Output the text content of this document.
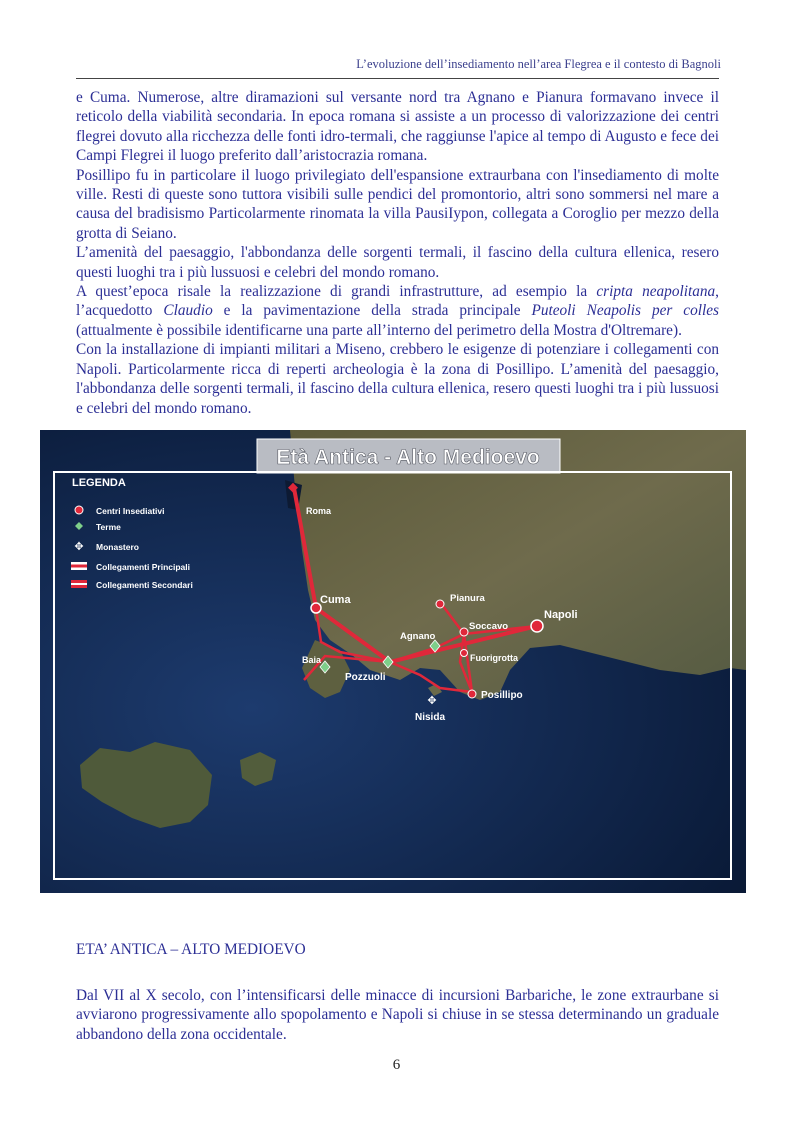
L’evoluzione dell’insediamento nell’area Flegrea e il contesto di Bagnoli

e Cuma. Numerose, altre diramazioni sul versante nord tra Agnano e Pianura formavano invece il reticolo della viabilità secondaria. In epoca romana si assiste a un processo di valorizzazione dei centri flegrei dovuto alla ricchezza delle fonti idro-termali, che raggiunse l'apice al tempo di Augusto e fece dei Campi Flegrei il luogo preferito dall’aristocrazia romana.

Posillipo fu in particolare il luogo privilegiato dell'espansione extraurbana con l'insediamento di molte ville. Resti di queste sono tuttora visibili sulle pendici del promontorio, altri sono sommersi nel mare a causa del bradisismo Particolarmente rinomata la villa PausiIypon, collegata a Coroglio per mezzo della grotta di Seiano.

L’amenità del paesaggio, l'abbondanza delle sorgenti termali, il fascino della cultura ellenica, resero questi luoghi tra i più lussuosi e celebri del mondo romano.

A quest’epoca risale la realizzazione di grandi infrastrutture, ad esempio la cripta neapolitana, l’acquedotto Claudio e la pavimentazione della strada principale Puteoli Neapolis per colles (attualmente è possibile identificarne una parte all’interno del perimetro della Mostra d'Oltremare).

Con la installazione di impianti militari a Miseno, crebbero le esigenze di potenziare i collegamenti con Napoli. Particolarmente ricca di reperti archeologia è la zona di Posillipo. L’amenità del paesaggio, l'abbondanza delle sorgenti termali, il fascino della cultura ellenica, resero questi luoghi tra i più lussuosi e celebri del mondo romano.

Età Antica - Alto Medioevo
LEGENDA
Centri Insediativi
Terme
✥ Monastero
Collegamenti Principali
Collegamenti Secondari
✥
Roma
Cuma	Pianura
Soccavo
Napoli
Agnano
Fuorigrotta
Baia
Pozzuoli
Posillipo
Nisida
ETA’ ANTICA – ALTO MEDIOEVO
Dal VII al X secolo, con l’intensificarsi delle minacce di incursioni Barbariche, le zone extraurbane si avviarono progressivamente allo spopolamento e Napoli si chiuse in se stessa determinando un graduale abbandono della zona occidentale.
6
